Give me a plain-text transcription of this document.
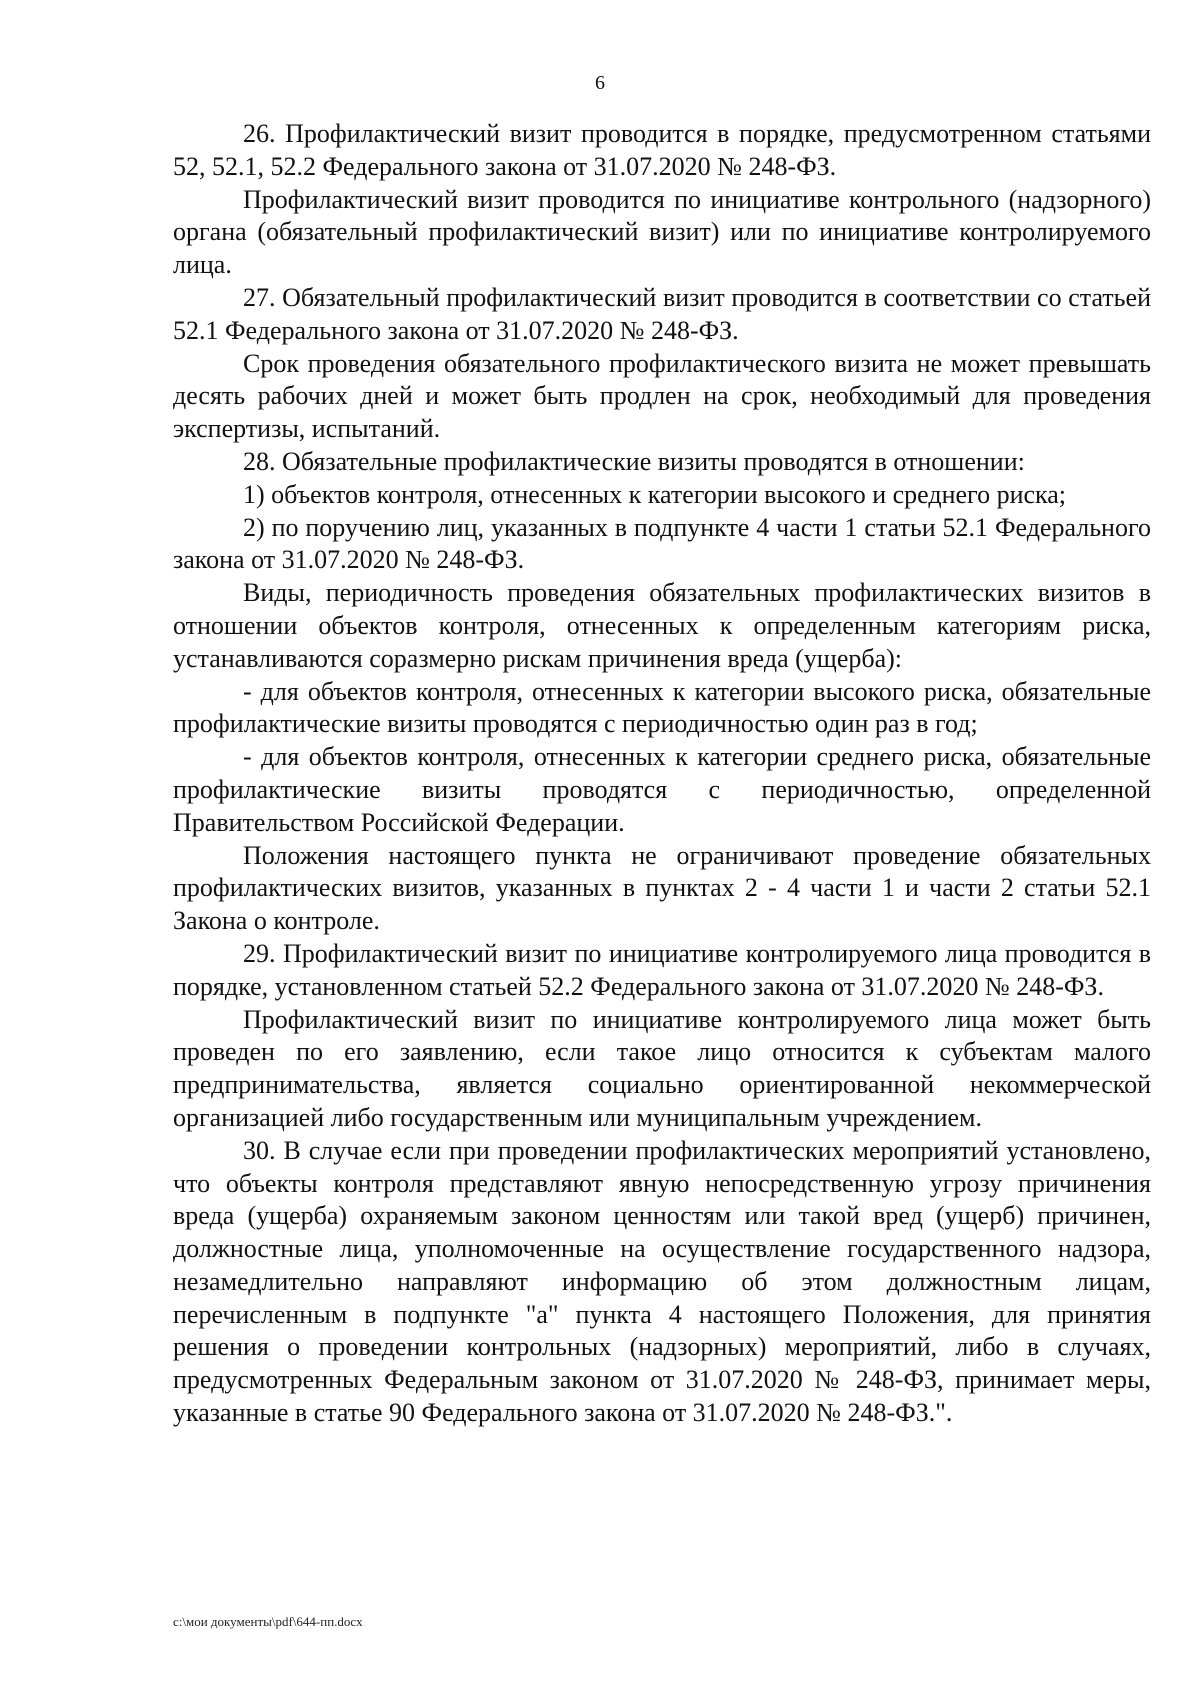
6

26. Профилактический визит проводится в порядке, предусмотренном статьями 52, 52.1, 52.2 Федерального закона от 31.07.2020 № 248-ФЗ.

Профилактический визит проводится по инициативе контрольного (надзорного) органа (обязательный профилактический визит) или по инициативе контролируемого лица.

27. Обязательный профилактический визит проводится в соответствии со статьей 52.1 Федерального закона от 31.07.2020 № 248-ФЗ.

Срок проведения обязательного профилактического визита не может превышать десять рабочих дней и может быть продлен на срок, необходимый для проведения экспертизы, испытаний.

28. Обязательные профилактические визиты проводятся в отношении:

1) объектов контроля, отнесенных к категории высокого и среднего риска;

2) по поручению лиц, указанных в подпункте 4 части 1 статьи 52.1 Федерального закона от 31.07.2020 № 248-ФЗ.

Виды, периодичность проведения обязательных профилактических визитов в отношении объектов контроля, отнесенных к определенным категориям риска, устанавливаются соразмерно рискам причинения вреда (ущерба):

- для объектов контроля, отнесенных к категории высокого риска, обязательные профилактические визиты проводятся с периодичностью один раз в год;

- для объектов контроля, отнесенных к категории среднего риска, обязательные профилактические визиты проводятся с периодичностью, определенной Правительством Российской Федерации.

Положения настоящего пункта не ограничивают проведение обязательных профилактических визитов, указанных в пунктах 2 - 4 части 1 и части 2 статьи 52.1 Закона о контроле.

29. Профилактический визит по инициативе контролируемого лица проводится в порядке, установленном статьей 52.2 Федерального закона от 31.07.2020 № 248-ФЗ.

Профилактический визит по инициативе контролируемого лица может быть проведен по его заявлению, если такое лицо относится к субъектам малого предпринимательства, является социально ориентированной некоммерческой организацией либо государственным или муниципальным учреждением.

30. В случае если при проведении профилактических мероприятий установлено, что объекты контроля представляют явную непосредственную угрозу причинения вреда (ущерба) охраняемым законом ценностям или такой вред (ущерб) причинен, должностные лица, уполномоченные на осуществление государственного надзора, незамедлительно направляют информацию об этом должностным лицам, перечисленным в подпункте "а" пункта 4 настоящего Положения, для принятия решения о проведении контрольных (надзорных) мероприятий, либо в случаях, предусмотренных Федеральным законом от 31.07.2020 № 248-ФЗ, принимает меры, указанные в статье 90 Федерального закона от 31.07.2020 № 248-ФЗ.".

c:\мои документы\pdf\644-пп.docx
